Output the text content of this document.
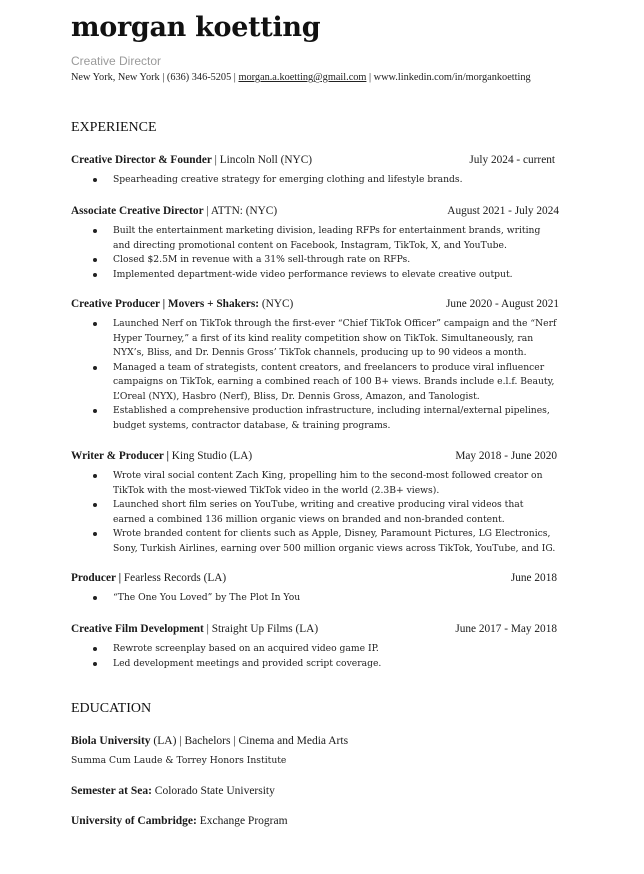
morgan koetting
Creative Director
New York, New York | (636) 346-5205 | morgan.a.koetting@gmail.com | www.linkedin.com/in/morgankoetting
EXPERIENCE
Creative Director & Founder | Lincoln Noll (NYC)	July 2024 - current
Spearheading creative strategy for emerging clothing and lifestyle brands.
Associate Creative Director | ATTN: (NYC)	August 2021 - July 2024
Built the entertainment marketing division, leading RFPs for entertainment brands, writing and directing promotional content on Facebook, Instagram, TikTok, X, and YouTube.
Closed $2.5M in revenue with a 31% sell-through rate on RFPs.
Implemented department-wide video performance reviews to elevate creative output.
Creative Producer | Movers + Shakers: (NYC)	June 2020 - August 2021
Launched Nerf on TikTok through the first-ever “Chief TikTok Officer” campaign and the “Nerf Hyper Tourney,” a first of its kind reality competition show on TikTok. Simultaneously, ran NYX’s, Bliss, and Dr. Dennis Gross’ TikTok channels, producing up to 90 videos a month.
Managed a team of strategists, content creators, and freelancers to produce viral influencer campaigns on TikTok, earning a combined reach of 100 B+ views. Brands include e.l.f. Beauty, L’Oreal (NYX), Hasbro (Nerf), Bliss, Dr. Dennis Gross, Amazon, and Tanologist.
Established a comprehensive production infrastructure, including internal/external pipelines, budget systems, contractor database, & training programs.
Writer & Producer | King Studio (LA)	May 2018 - June 2020
Wrote viral social content Zach King, propelling him to the second-most followed creator on TikTok with the most-viewed TikTok video in the world (2.3B+ views).
Launched short film series on YouTube, writing and creative producing viral videos that earned a combined 136 million organic views on branded and non-branded content.
Wrote branded content for clients such as Apple, Disney, Paramount Pictures, LG Electronics, Sony, Turkish Airlines, earning over 500 million organic views across TikTok, YouTube, and IG.
Producer | Fearless Records (LA)	June 2018
“The One You Loved” by The Plot In You
Creative Film Development | Straight Up Films (LA)	June 2017 - May 2018
Rewrote screenplay based on an acquired video game IP.
Led development meetings and provided script coverage.
EDUCATION
Biola University (LA) | Bachelors | Cinema and Media Arts
Summa Cum Laude & Torrey Honors Institute
Semester at Sea: Colorado State University
University of Cambridge: Exchange Program
